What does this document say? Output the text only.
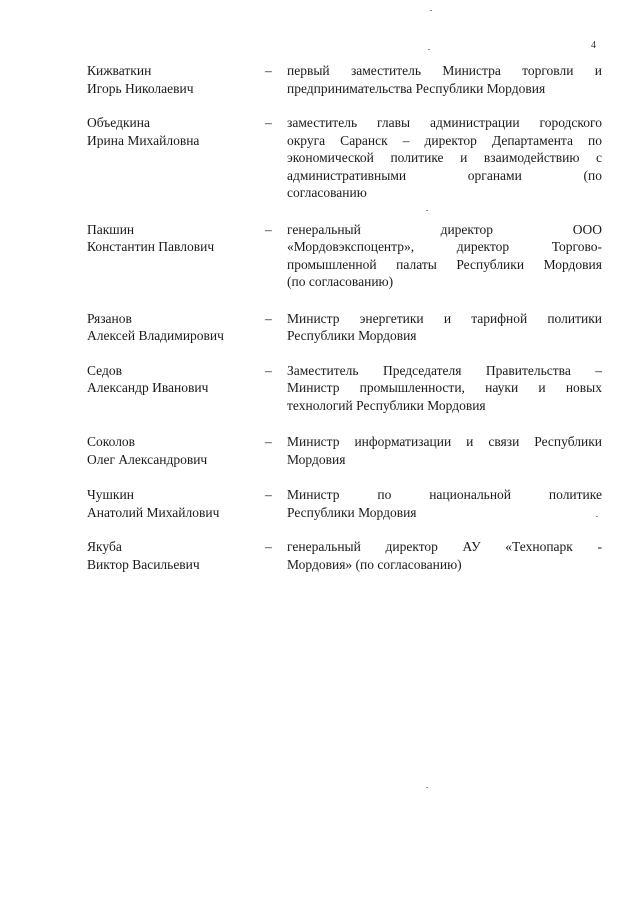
4
Кижваткин
Игорь Николаевич
–	первый заместитель Министра торговли и
предпринимательства Республики Мордовия
Объедкина
Ирина Михайловна
–	заместитель главы администрации городского
округа Саранск – директор Департамента по
экономической политике и взаимодействию с
административными органами (по
согласованию
Пакшин
Константин Павлович
–	генеральный директор ООО
«Мордовэкспоцентр», директор Торгово-
промышленной палаты Республики Мордовия
(по согласованию)
Рязанов
Алексей Владимирович
–	Министр энергетики и тарифной политики
Республики Мордовия
Седов
Александр Иванович
–	Заместитель Председателя Правительства –
Министр промышленности, науки и новых
технологий Республики Мордовия
Соколов
Олег Александрович
–	Министр информатизации и связи Республики
Мордовия
Чушкин
Анатолий Михайлович
–	Министр по национальной политике
Республики Мордовия
Якуба
Виктор Васильевич
–	генеральный директор АУ «Технопарк -
Мордовия» (по согласованию)
